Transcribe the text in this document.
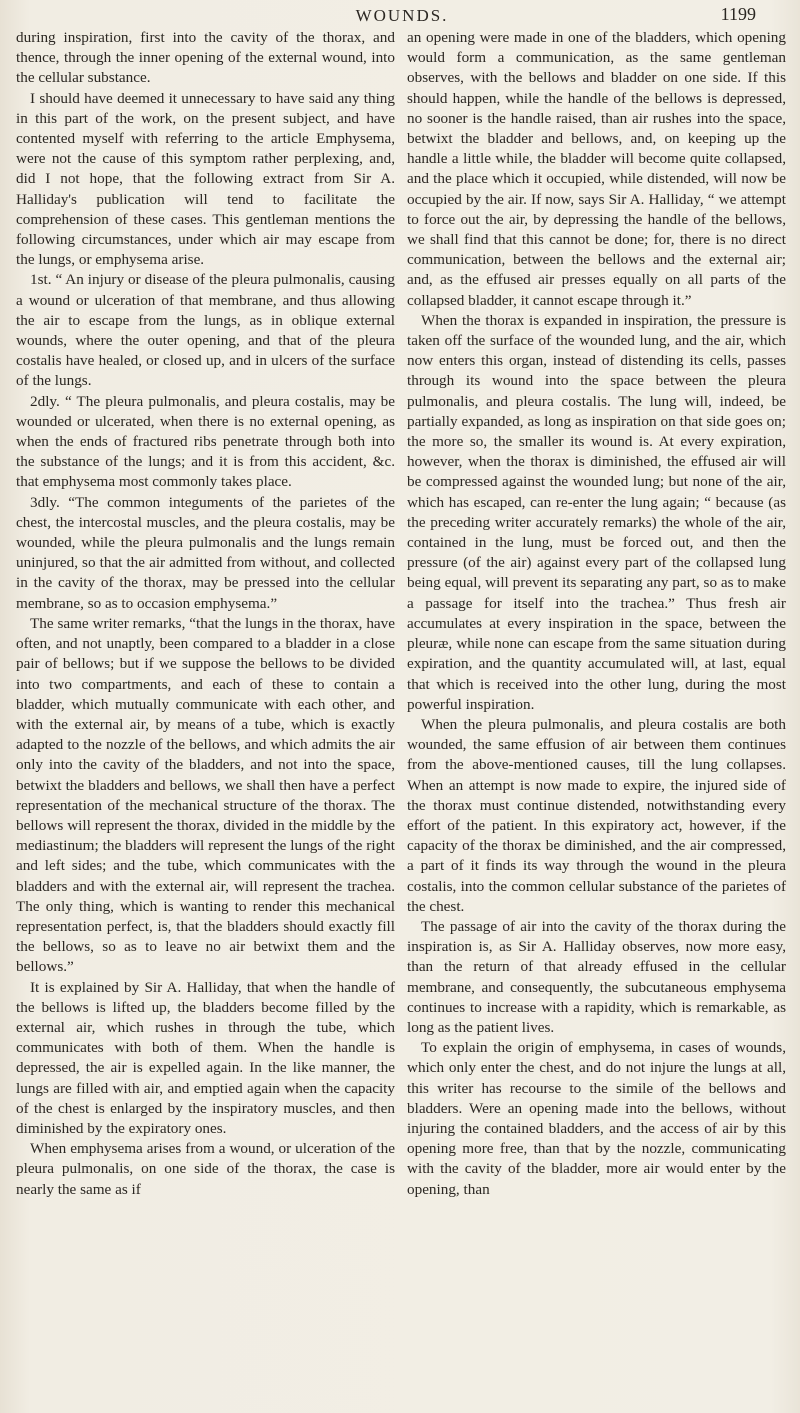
WOUNDS.	1199

during inspiration, first into the cavity of the thorax, and thence, through the inner opening of the external wound, into the cellular substance.

I should have deemed it unnecessary to have said any thing in this part of the work, on the present subject, and have contented myself with referring to the article Emphysema, were not the cause of this symptom rather perplexing, and, did I not hope, that the following extract from Sir A. Halliday's publication will tend to facilitate the comprehension of these cases. This gentleman mentions the following circumstances, under which air may escape from the lungs, or emphysema arise.

1st. “ An injury or disease of the pleura pulmonalis, causing a wound or ulceration of that membrane, and thus allowing the air to escape from the lungs, as in oblique external wounds, where the outer opening, and that of the pleura costalis have healed, or closed up, and in ulcers of the surface of the lungs.

2dly. “ The pleura pulmonalis, and pleura costalis, may be wounded or ulcerated, when there is no external opening, as when the ends of fractured ribs penetrate through both into the substance of the lungs; and it is from this accident, &c. that emphysema most commonly takes place.

3dly. “The common integuments of the parietes of the chest, the intercostal muscles, and the pleura costalis, may be wounded, while the pleura pulmonalis and the lungs remain uninjured, so that the air admitted from without, and collected in the cavity of the thorax, may be pressed into the cellular membrane, so as to occasion emphysema.”

The same writer remarks, “that the lungs in the thorax, have often, and not unaptly, been compared to a bladder in a close pair of bellows; but if we suppose the bellows to be divided into two compartments, and each of these to contain a bladder, which mutually communicate with each other, and with the external air, by means of a tube, which is exactly adapted to the nozzle of the bellows, and which admits the air only into the cavity of the bladders, and not into the space, betwixt the bladders and bellows, we shall then have a perfect representation of the mechanical structure of the thorax. The bellows will represent the thorax, divided in the middle by the mediastinum; the bladders will represent the lungs of the right and left sides; and the tube, which communicates with the bladders and with the external air, will represent the trachea. The only thing, which is wanting to render this mechanical representation perfect, is, that the bladders should exactly fill the bellows, so as to leave no air betwixt them and the bellows.”

It is explained by Sir A. Halliday, that when the handle of the bellows is lifted up, the bladders become filled by the external air, which rushes in through the tube, which communicates with both of them. When the handle is depressed, the air is expelled again. In the like manner, the lungs are filled with air, and emptied again when the capacity of the chest is enlarged by the inspiratory muscles, and then diminished by the expiratory ones.

When emphysema arises from a wound, or ulceration of the pleura pulmonalis, on one side of the thorax, the case is nearly the same as if

an opening were made in one of the bladders, which opening would form a communication, as the same gentleman observes, with the bellows and bladder on one side. If this should happen, while the handle of the bellows is depressed, no sooner is the handle raised, than air rushes into the space, betwixt the bladder and bellows, and, on keeping up the handle a little while, the bladder will become quite collapsed, and the place which it occupied, while distended, will now be occupied by the air. If now, says Sir A. Halliday, “ we attempt to force out the air, by depressing the handle of the bellows, we shall find that this cannot be done; for, there is no direct communication, between the bellows and the external air; and, as the effused air presses equally on all parts of the collapsed bladder, it cannot escape through it.”

When the thorax is expanded in inspiration, the pressure is taken off the surface of the wounded lung, and the air, which now enters this organ, instead of distending its cells, passes through its wound into the space between the pleura pulmonalis, and pleura costalis. The lung will, indeed, be partially expanded, as long as inspiration on that side goes on; the more so, the smaller its wound is. At every expiration, however, when the thorax is diminished, the effused air will be compressed against the wounded lung; but none of the air, which has escaped, can re-enter the lung again; “ because (as the preceding writer accurately remarks) the whole of the air, contained in the lung, must be forced out, and then the pressure (of the air) against every part of the collapsed lung being equal, will prevent its separating any part, so as to make a passage for itself into the trachea.” Thus fresh air accumulates at every inspiration in the space, between the pleuræ, while none can escape from the same situation during expiration, and the quantity accumulated will, at last, equal that which is received into the other lung, during the most powerful inspiration.

When the pleura pulmonalis, and pleura costalis are both wounded, the same effusion of air between them continues from the above-mentioned causes, till the lung collapses. When an attempt is now made to expire, the injured side of the thorax must continue distended, notwithstanding every effort of the patient. In this expiratory act, however, if the capacity of the thorax be diminished, and the air compressed, a part of it finds its way through the wound in the pleura costalis, into the common cellular substance of the parietes of the chest.

The passage of air into the cavity of the thorax during the inspiration is, as Sir A. Halliday observes, now more easy, than the return of that already effused in the cellular membrane, and consequently, the subcutaneous emphysema continues to increase with a rapidity, which is remarkable, as long as the patient lives.

To explain the origin of emphysema, in cases of wounds, which only enter the chest, and do not injure the lungs at all, this writer has recourse to the simile of the bellows and bladders. Were an opening made into the bellows, without injuring the contained bladders, and the access of air by this opening more free, than that by the nozzle, communicating with the cavity of the bladder, more air would enter by the opening, than
